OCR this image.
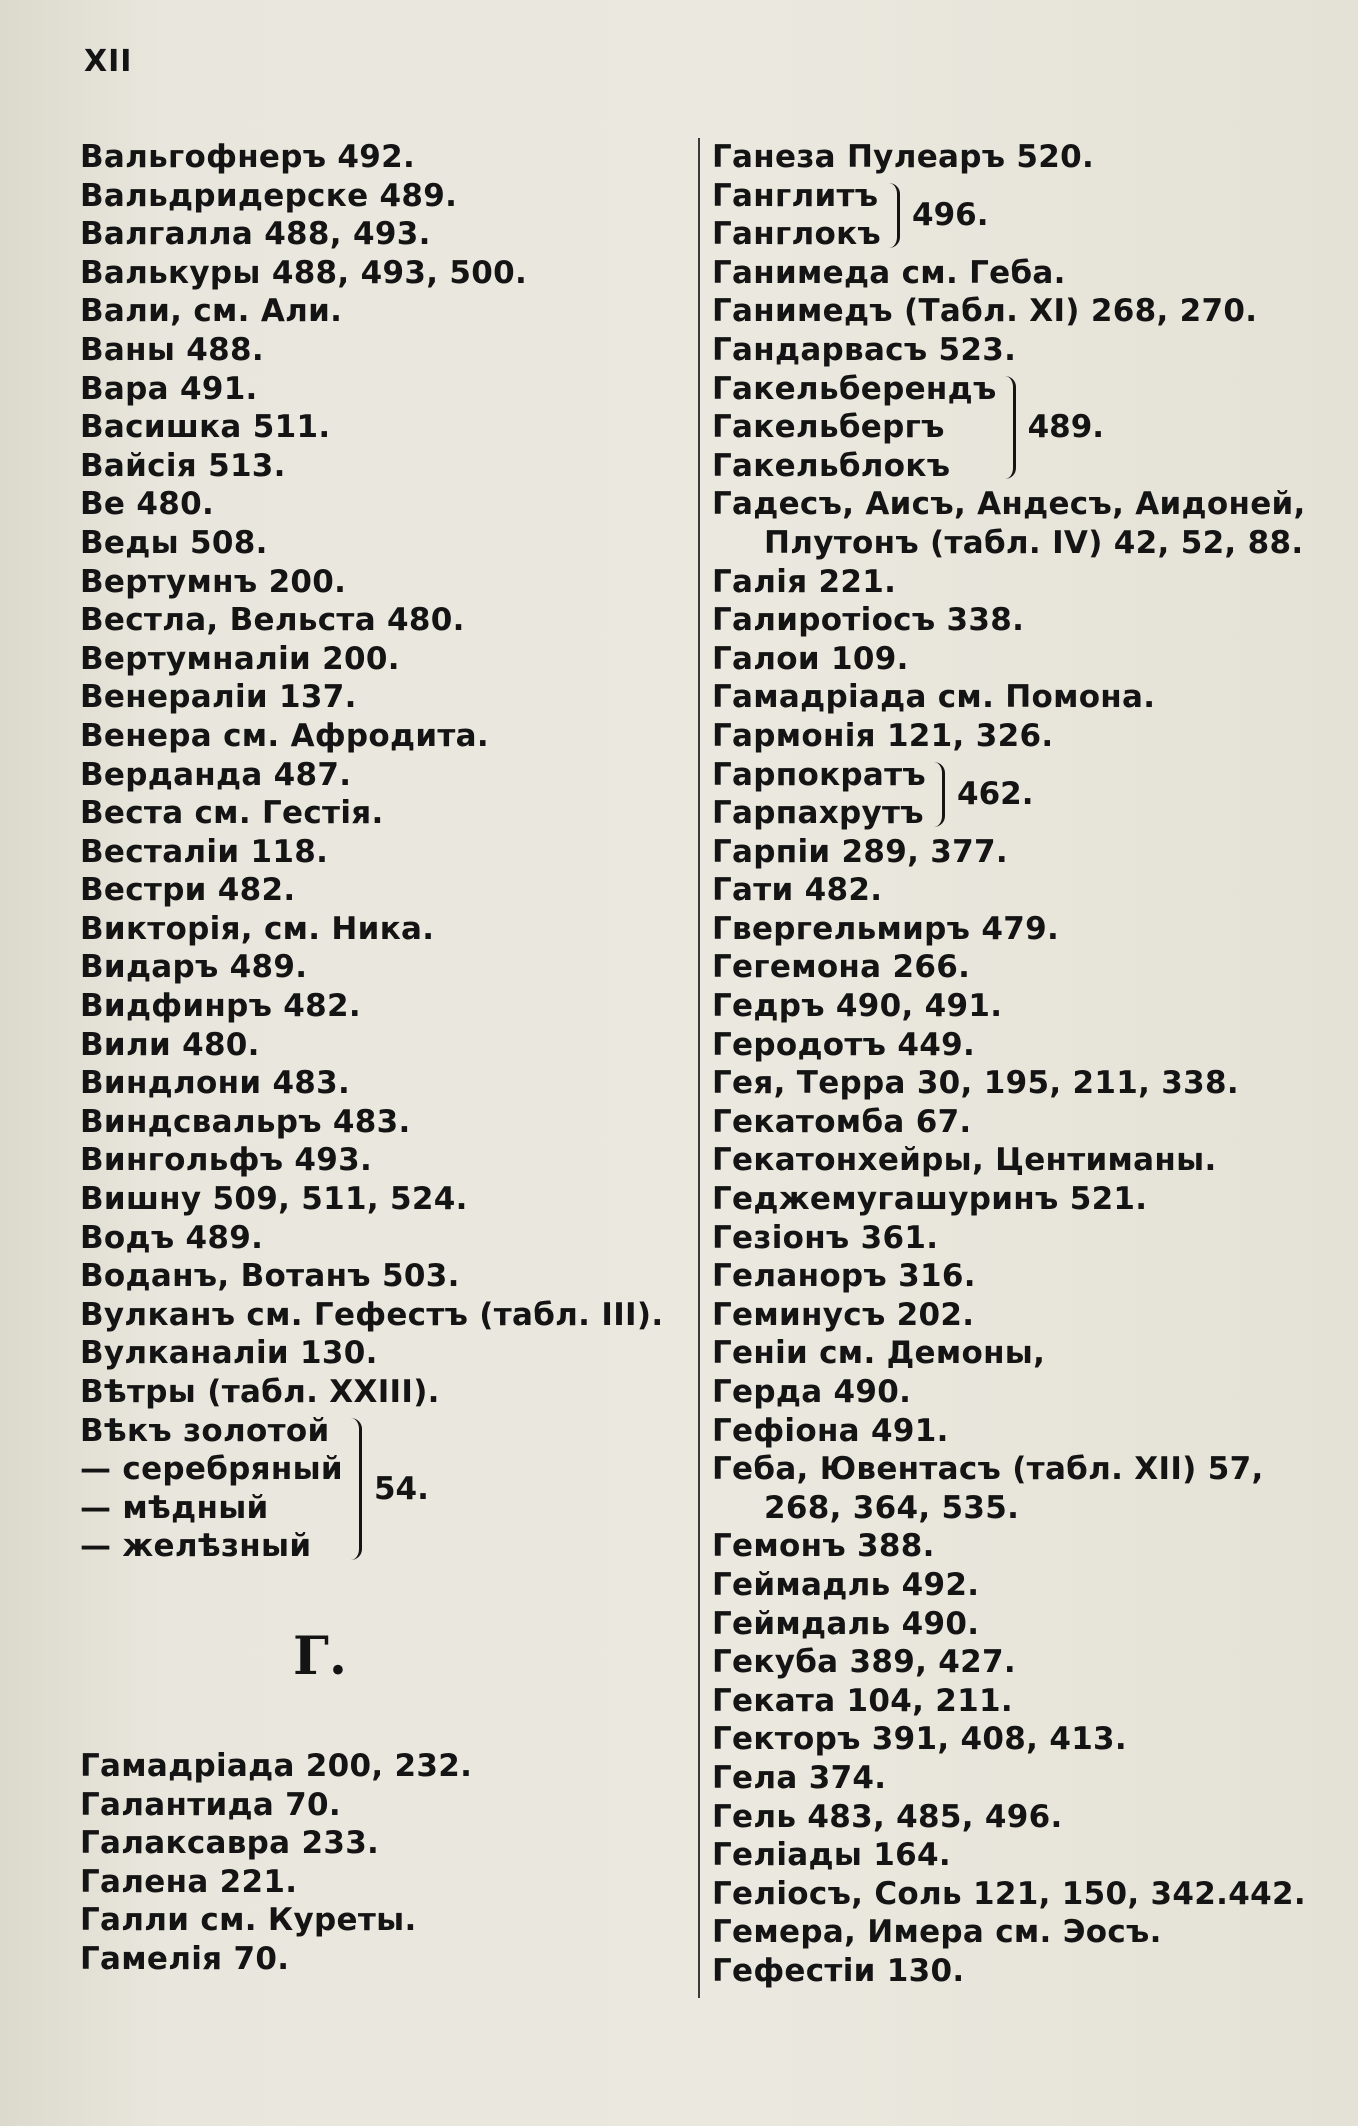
XII
Вальгофнеръ 492.
Вальдридерске 489.
Валгалла 488, 493.
Валькуры 488, 493, 500.
Вали, см. Али.
Ваны 488.
Вара 491.
Васишка 511.
Вайсія 513.
Ве 480.
Веды 508.
Вертумнъ 200.
Вестла, Вельста 480.
Вертумналіи 200.
Венераліи 137.
Венера см. Афродита.
Верданда 487.
Веста см. Гестія.
Весталіи 118.
Вестри 482.
Викторія, см. Ника.
Видаръ 489.
Видфинръ 482.
Вили 480.
Виндлони 483.
Виндсвальръ 483.
Вингольфъ 493.
Вишну 509, 511, 524.
Водъ 489.
Воданъ, Вотанъ 503.
Вулканъ см. Гефестъ (табл. III).
Вулканаліи 130.
Вѣтры (табл. XXIII).
Вѣкъ золотой
— серебряный
— мѣдный
— желѣзный
54.
Г.
Гамадріада 200, 232.
Галантида 70.
Галаксавра 233.
Галена 221.
Галли см. Куреты.
Гамелія 70.
Ганеза Пулеаръ 520.
Ганглитъ
Ганглокъ
496.
Ганимеда см. Геба.
Ганимедъ (Табл. XI) 268, 270.
Гандарвасъ 523.
Гакельберендъ
Гакельбергъ
Гакельблокъ
489.
Гадесъ, Аисъ, Андесъ, Аидоней,
Плутонъ (табл. IV) 42, 52, 88.
Галія 221.
Галиротіосъ 338.
Галои 109.
Гамадріада см. Помона.
Гармонія 121, 326.
Гарпократъ
Гарпахрутъ
462.
Гарпіи 289, 377.
Гати 482.
Гвергельмиръ 479.
Гегемона 266.
Гедръ 490, 491.
Геродотъ 449.
Гея, Терра 30, 195, 211, 338.
Гекатомба 67.
Гекатонхейры, Центиманы.
Геджемугашуринъ 521.
Гезіонъ 361.
Геланоръ 316.
Геминусъ 202.
Геніи см. Демоны,
Герда 490.
Гефіона 491.
Геба, Ювентасъ (табл. XII) 57,
268, 364, 535.
Гемонъ 388.
Геймадль 492.
Геймдаль 490.
Гекуба 389, 427.
Геката 104, 211.
Гекторъ 391, 408, 413.
Гела 374.
Гель 483, 485, 496.
Геліады 164.
Геліосъ, Соль 121, 150, 342.442.
Гемера, Имера см. Эосъ.
Гефестіи 130.
